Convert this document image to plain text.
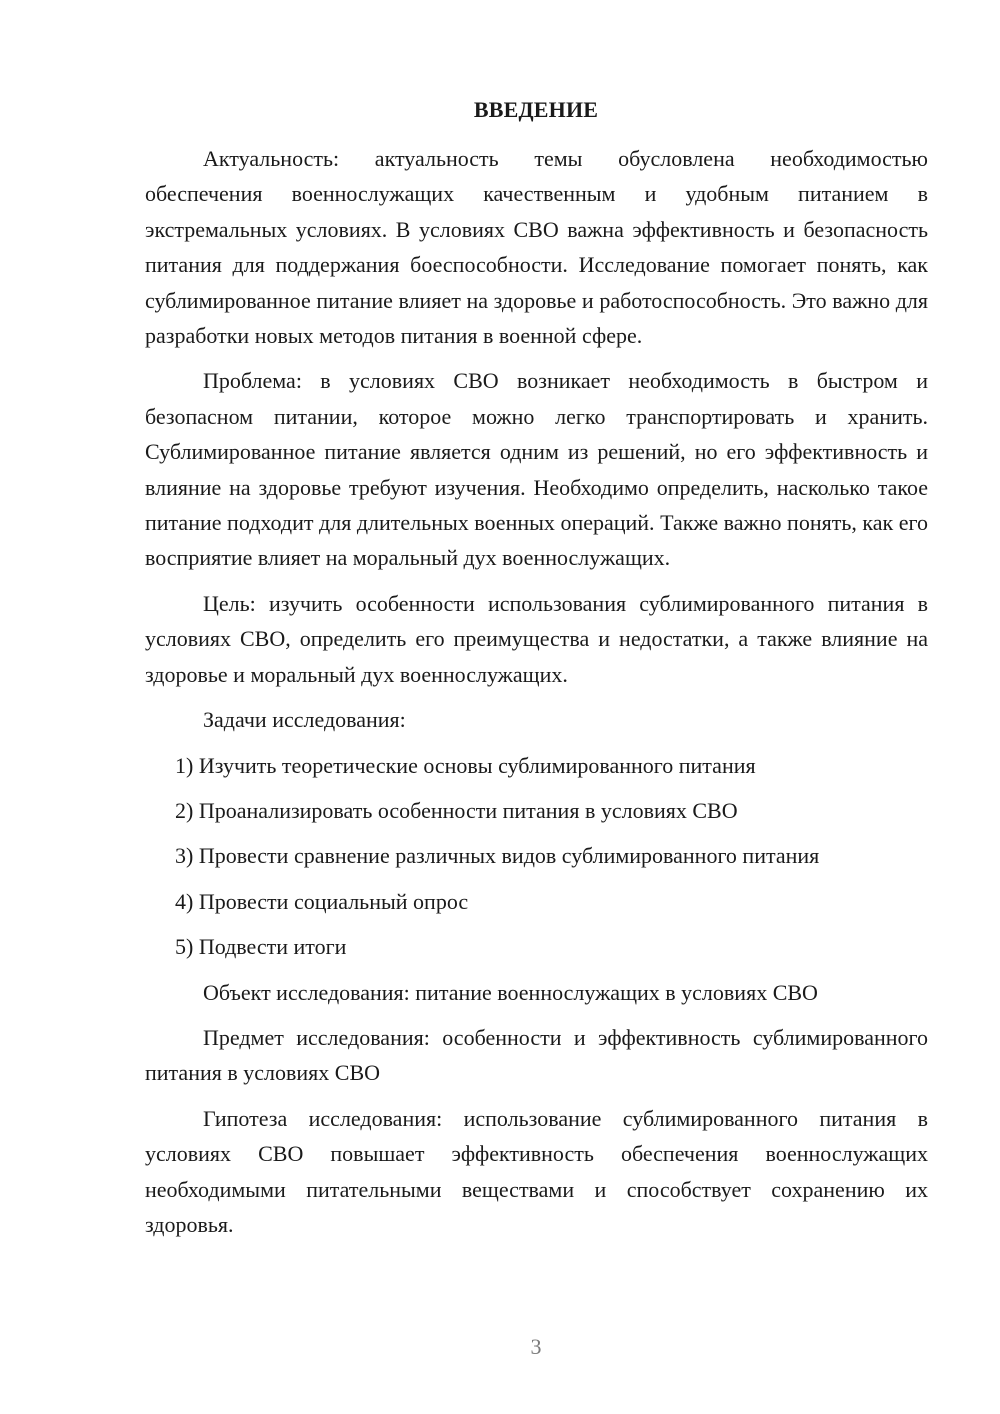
ВВЕДЕНИЕ

Актуальность: актуальность темы обусловлена необходимостью обеспечения военнослужащих качественным и удобным питанием в экстремальных условиях. В условиях СВО важна эффективность и безопасность питания для поддержания боеспособности. Исследование помогает понять, как сублимированное питание влияет на здоровье и работоспособность. Это важно для разработки новых методов питания в военной сфере.

Проблема: в условиях СВО возникает необходимость в быстром и безопасном питании, которое можно легко транспортировать и хранить. Сублимированное питание является одним из решений, но его эффективность и влияние на здоровье требуют изучения. Необходимо определить, насколько такое питание подходит для длительных военных операций. Также важно понять, как его восприятие влияет на моральный дух военнослужащих.

Цель: изучить особенности использования сублимированного питания в условиях СВО, определить его преимущества и недостатки, а также влияние на здоровье и моральный дух военнослужащих.

Задачи исследования:

1) Изучить теоретические основы сублимированного питания

2) Проанализировать особенности питания в условиях СВО

3) Провести сравнение различных видов сублимированного питания

4) Провести социальный опрос

5) Подвести итоги

Объект исследования: питание военнослужащих в условиях СВО

Предмет исследования: особенности и эффективность сублимированного питания в условиях СВО

Гипотеза исследования: использование сублимированного питания в условиях СВО повышает эффективность обеспечения военнослужащих необходимыми питательными веществами и способствует сохранению их здоровья.

3
